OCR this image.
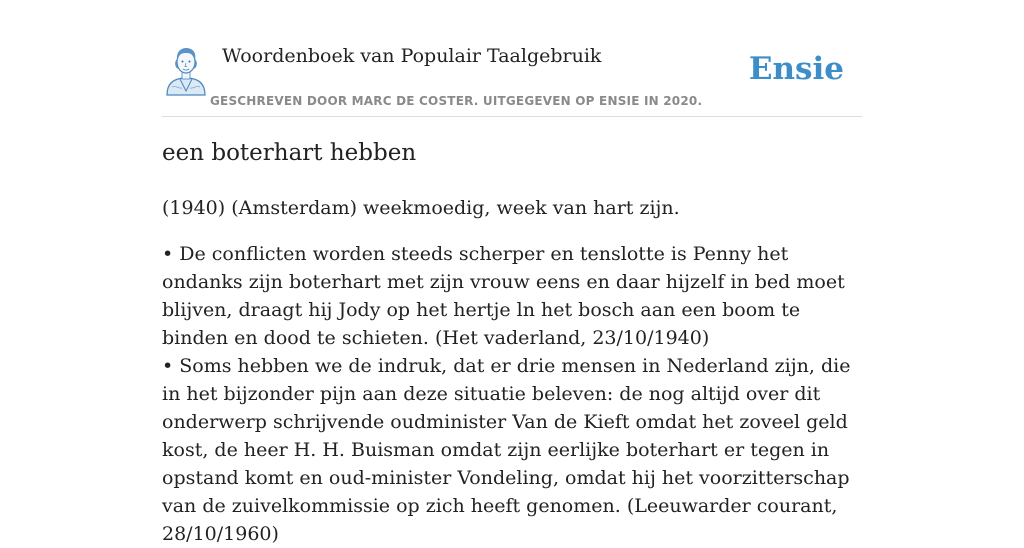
Woordenboek van Populair Taalgebruik
GESCHREVEN DOOR MARC DE COSTER. UITGEGEVEN OP ENSIE IN 2020.
Ensie
een boterhart hebben

(1940) (Amsterdam) weekmoedig, week van hart zijn.

• De conflicten worden steeds scherper en tenslotte is Penny het ondanks zijn boterhart met zijn vrouw eens en daar hijzelf in bed moet blijven, draagt hij Jody op het hertje ln het bosch aan een boom te binden en dood te schieten. (Het vaderland, 23/10/1940)
• Soms hebben we de indruk, dat er drie mensen in Nederland zijn, die in het bijzonder pijn aan deze situatie beleven: de nog altijd over dit onderwerp schrijvende oudminister Van de Kieft omdat het zoveel geld kost, de heer H. H. Buisman omdat zijn eerlijke boterhart er tegen in opstand komt en oud-minister Vondeling, omdat hij het voorzitterschap van de zuivelkommissie op zich heeft genomen. (Leeuwarder courant, 28/10/1960)
